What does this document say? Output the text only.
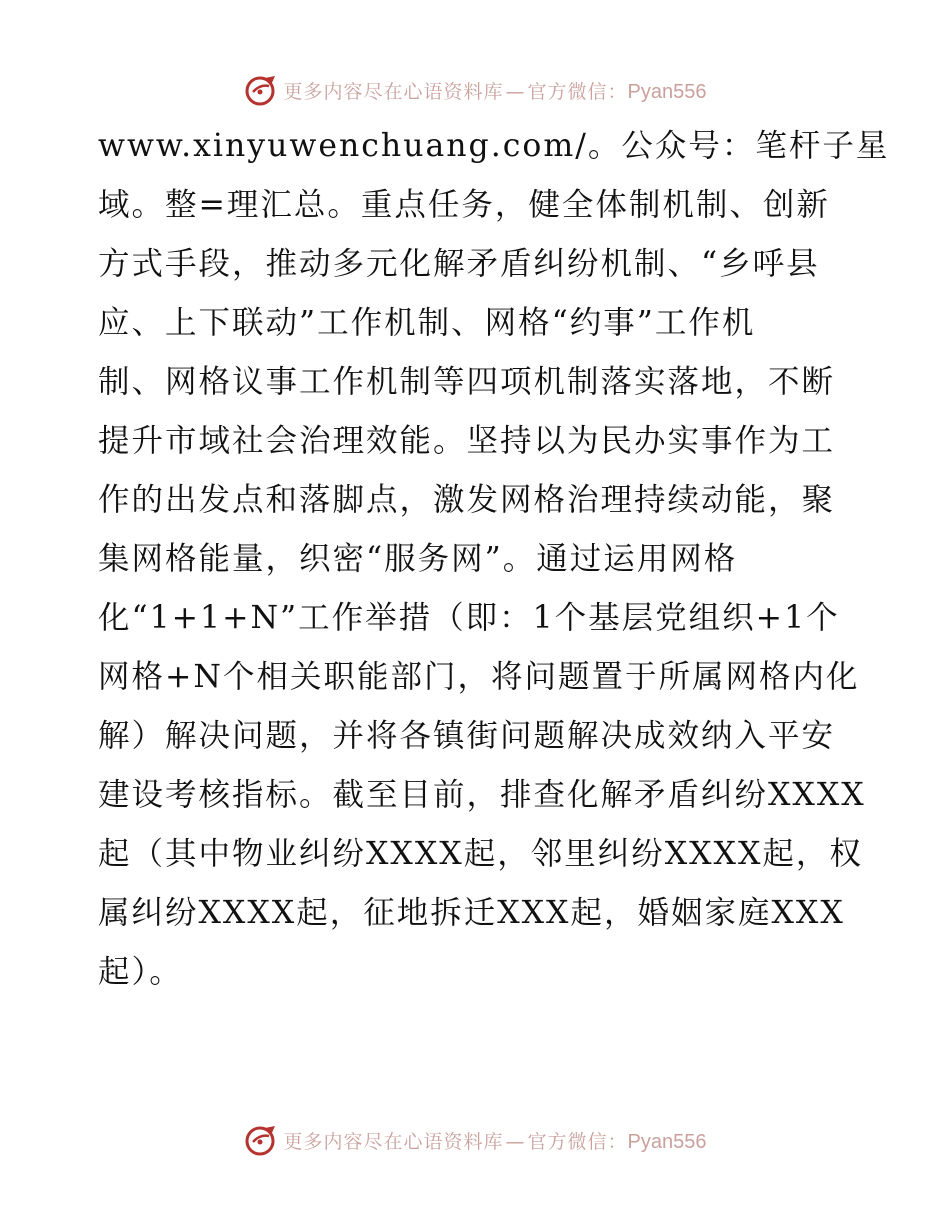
更多内容尽在心语资料库 — 官方微信：Pyan556
www.xinyuwenchuang.com/。公众号：笔杆子星
域。整=理汇总。重点任务，健全体制机制、创新
方式手段，推动多元化解矛盾纠纷机制、“乡呼县
应、上下联动”工作机制、网格“约事”工作机
制、网格议事工作机制等四项机制落实落地，不断
提升市域社会治理效能。坚持以为民办实事作为工
作的出发点和落脚点，激发网格治理持续动能，聚
集网格能量，织密“服务网”。通过运用网格
化“1+1+N”工作举措（即：1个基层党组织+1个
网格+N个相关职能部门，将问题置于所属网格内化
解）解决问题，并将各镇街问题解决成效纳入平安
建设考核指标。截至目前，排查化解矛盾纠纷XXXX
起（其中物业纠纷XXXX起，邻里纠纷XXXX起，权
属纠纷XXXX起，征地拆迁XXX起，婚姻家庭XXX
起）。
更多内容尽在心语资料库 — 官方微信：Pyan556
